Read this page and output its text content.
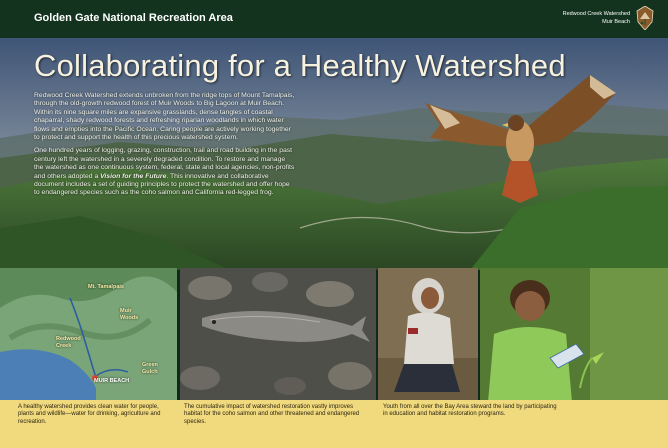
Golden Gate National Recreation Area	Redwood Creek Watershed
Muir Beach
Collaborating for a Healthy Watershed

Redwood Creek Watershed extends unbroken from the ridge tops of Mount Tamalpais, through the old-growth redwood forest of Muir Woods to Big Lagoon at Muir Beach. Within its nine square miles are expansive grasslands, dense tangles of coastal chaparral, shady redwood forests and refreshing riparian woodlands in which water flows and empties into the Pacific Ocean. Caring people are actively working together to protect and support the health of this precious watershed system.

One hundred years of logging, grazing, construction, trail and road building in the past century left the watershed in a severely degraded condition. To restore and manage the watershed as one continuous system, federal, state and local agencies, non-profits and others adopted a Vision for the Future. This innovative and collaborative document includes a set of guiding principles to protect the watershed and offer hope to endangered species such as the coho salmon and California red-legged frog.

Mt. Tamalpais
Muir
Woods
Redwood
Creek
Green
Gulch
MUIR BEACH
A healthy watershed provides clean water for people, plants and wildlife—water for drinking, agriculture and recreation.
The cumulative impact of watershed restoration vastly improves habitat for the coho salmon and other threatened and endangered species.
Youth from all over the Bay Area steward the land by participating in education and habitat restoration programs.
